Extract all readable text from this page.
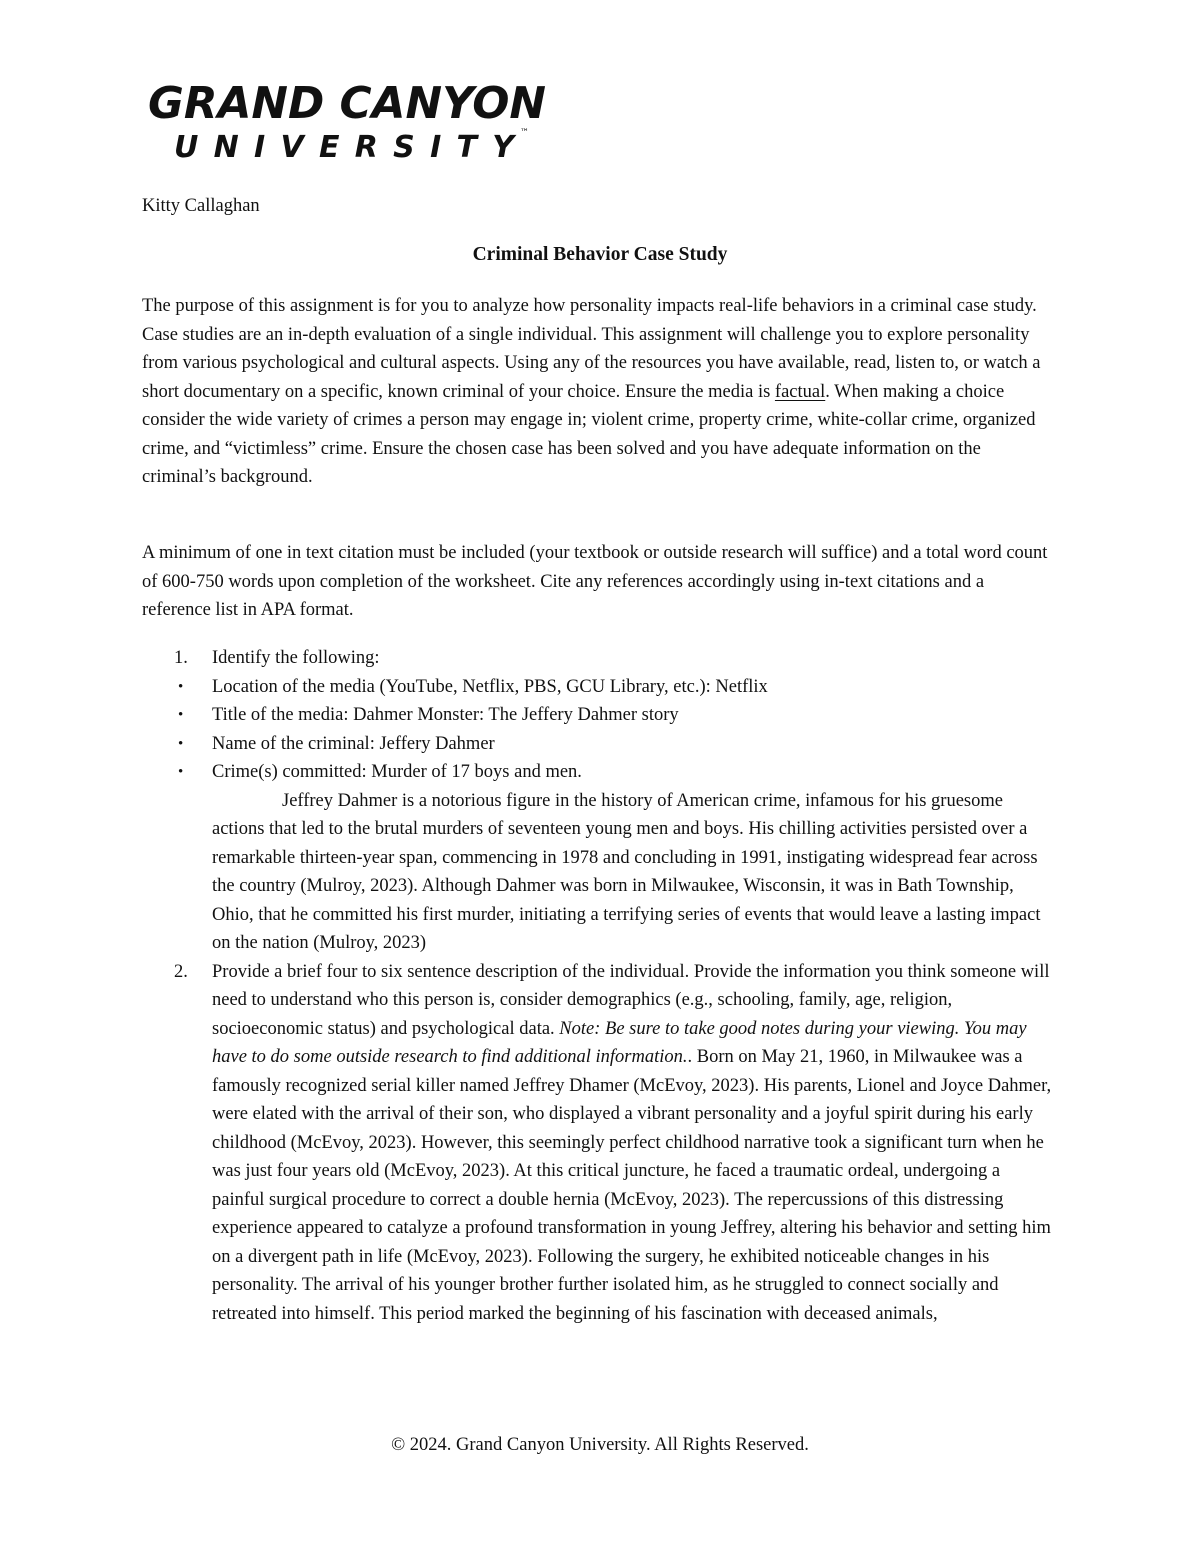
GRAND CANYON
UNIVERSITY ™
Kitty Callaghan
Criminal Behavior Case Study
The purpose of this assignment is for you to analyze how personality impacts real-life behaviors in a criminal case study. Case studies are an in-depth evaluation of a single individual. This assignment will challenge you to explore personality from various psychological and cultural aspects. Using any of the resources you have available, read, listen to, or watch a short documentary on a specific, known criminal of your choice. Ensure the media is factual. When making a choice consider the wide variety of crimes a person may engage in; violent crime, property crime, white-collar crime, organized crime, and “victimless” crime. Ensure the chosen case has been solved and you have adequate information on the criminal’s background.
A minimum of one in text citation must be included (your textbook or outside research will suffice) and a total word count of 600-750 words upon completion of the worksheet. Cite any references accordingly using in-text citations and a reference list in APA format.
1. Identify the following:
• Location of the media (YouTube, Netflix, PBS, GCU Library, etc.): Netflix
• Title of the media: Dahmer Monster: The Jeffery Dahmer story
• Name of the criminal: Jeffery Dahmer
• Crime(s) committed: Murder of 17 boys and men.
Jeffrey Dahmer is a notorious figure in the history of American crime, infamous for his gruesome actions that led to the brutal murders of seventeen young men and boys. His chilling activities persisted over a remarkable thirteen-year span, commencing in 1978 and concluding in 1991, instigating widespread fear across the country (Mulroy, 2023). Although Dahmer was born in Milwaukee, Wisconsin, it was in Bath Township, Ohio, that he committed his first murder, initiating a terrifying series of events that would leave a lasting impact on the nation (Mulroy, 2023)
2. Provide a brief four to six sentence description of the individual. Provide the information you think someone will need to understand who this person is, consider demographics (e.g., schooling, family, age, religion, socioeconomic status) and psychological data. Note: Be sure to take good notes during your viewing. You may have to do some outside research to find additional information.. Born on May 21, 1960, in Milwaukee was a famously recognized serial killer named Jeffrey Dhamer (McEvoy, 2023). His parents, Lionel and Joyce Dahmer, were elated with the arrival of their son, who displayed a vibrant personality and a joyful spirit during his early childhood (McEvoy, 2023). However, this seemingly perfect childhood narrative took a significant turn when he was just four years old (McEvoy, 2023). At this critical juncture, he faced a traumatic ordeal, undergoing a painful surgical procedure to correct a double hernia (McEvoy, 2023). The repercussions of this distressing experience appeared to catalyze a profound transformation in young Jeffrey, altering his behavior and setting him on a divergent path in life (McEvoy, 2023). Following the surgery, he exhibited noticeable changes in his personality. The arrival of his younger brother further isolated him, as he struggled to connect socially and retreated into himself. This period marked the beginning of his fascination with deceased animals,
© 2024. Grand Canyon University. All Rights Reserved.
